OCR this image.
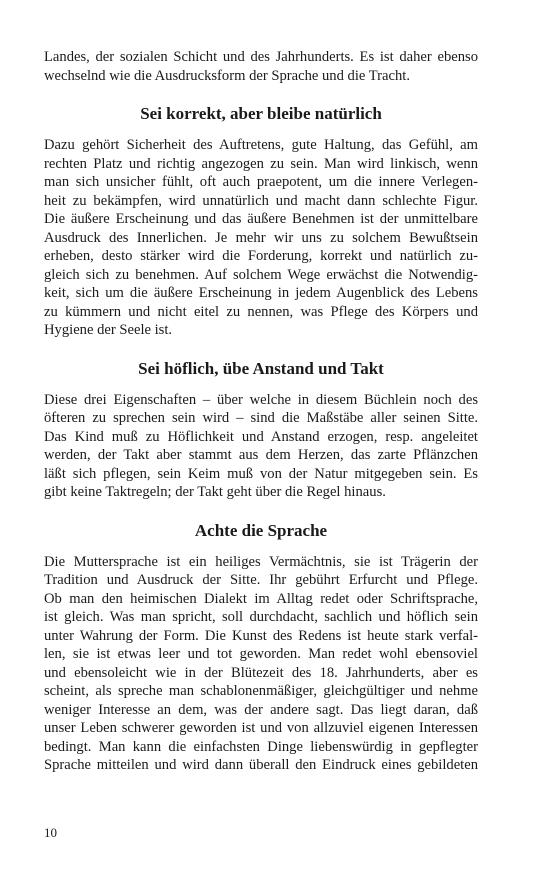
Landes, der sozialen Schicht und des Jahrhunderts. Es ist daher ebenso
wechselnd wie die Ausdrucksform der Sprache und die Tracht.
Sei korrekt, aber bleibe natürlich
Dazu gehört Sicherheit des Auftretens, gute Haltung, das Gefühl, am
rechten Platz und richtig angezogen zu sein. Man wird linkisch, wenn
man sich unsicher fühlt, oft auch praepotent, um die innere Verlegen-
heit zu bekämpfen, wird unnatürlich und macht dann schlechte Figur.
Die äußere Erscheinung und das äußere Benehmen ist der unmittelbare
Ausdruck des Innerlichen. Je mehr wir uns zu solchem Bewußtsein
erheben, desto stärker wird die Forderung, korrekt und natürlich zu-
gleich sich zu benehmen. Auf solchem Wege erwächst die Notwendig-
keit, sich um die äußere Erscheinung in jedem Augenblick des Lebens
zu kümmern und nicht eitel zu nennen, was Pflege des Körpers und
Hygiene der Seele ist.
Sei höflich, übe Anstand und Takt
Diese drei Eigenschaften – über welche in diesem Büchlein noch des
öfteren zu sprechen sein wird – sind die Maßstäbe aller seinen Sitte.
Das Kind muß zu Höflichkeit und Anstand erzogen, resp. angeleitet
werden, der Takt aber stammt aus dem Herzen, das zarte Pflänzchen
läßt sich pflegen, sein Keim muß von der Natur mitgegeben sein. Es
gibt keine Taktregeln; der Takt geht über die Regel hinaus.
Achte die Sprache
Die Muttersprache ist ein heiliges Vermächtnis, sie ist Trägerin der
Tradition und Ausdruck der Sitte. Ihr gebührt Erfurcht und Pflege.
Ob man den heimischen Dialekt im Alltag redet oder Schriftsprache,
ist gleich. Was man spricht, soll durchdacht, sachlich und höflich sein
unter Wahrung der Form. Die Kunst des Redens ist heute stark verfal-
len, sie ist etwas leer und tot geworden. Man redet wohl ebensoviel
und ebensoleicht wie in der Blütezeit des 18. Jahrhunderts, aber es
scheint, als spreche man schablonenmäßiger, gleichgültiger und nehme
weniger Interesse an dem, was der andere sagt. Das liegt daran, daß
unser Leben schwerer geworden ist und von allzuviel eigenen Interessen
bedingt. Man kann die einfachsten Dinge liebenswürdig in gepflegter
Sprache mitteilen und wird dann überall den Eindruck eines gebildeten
10
